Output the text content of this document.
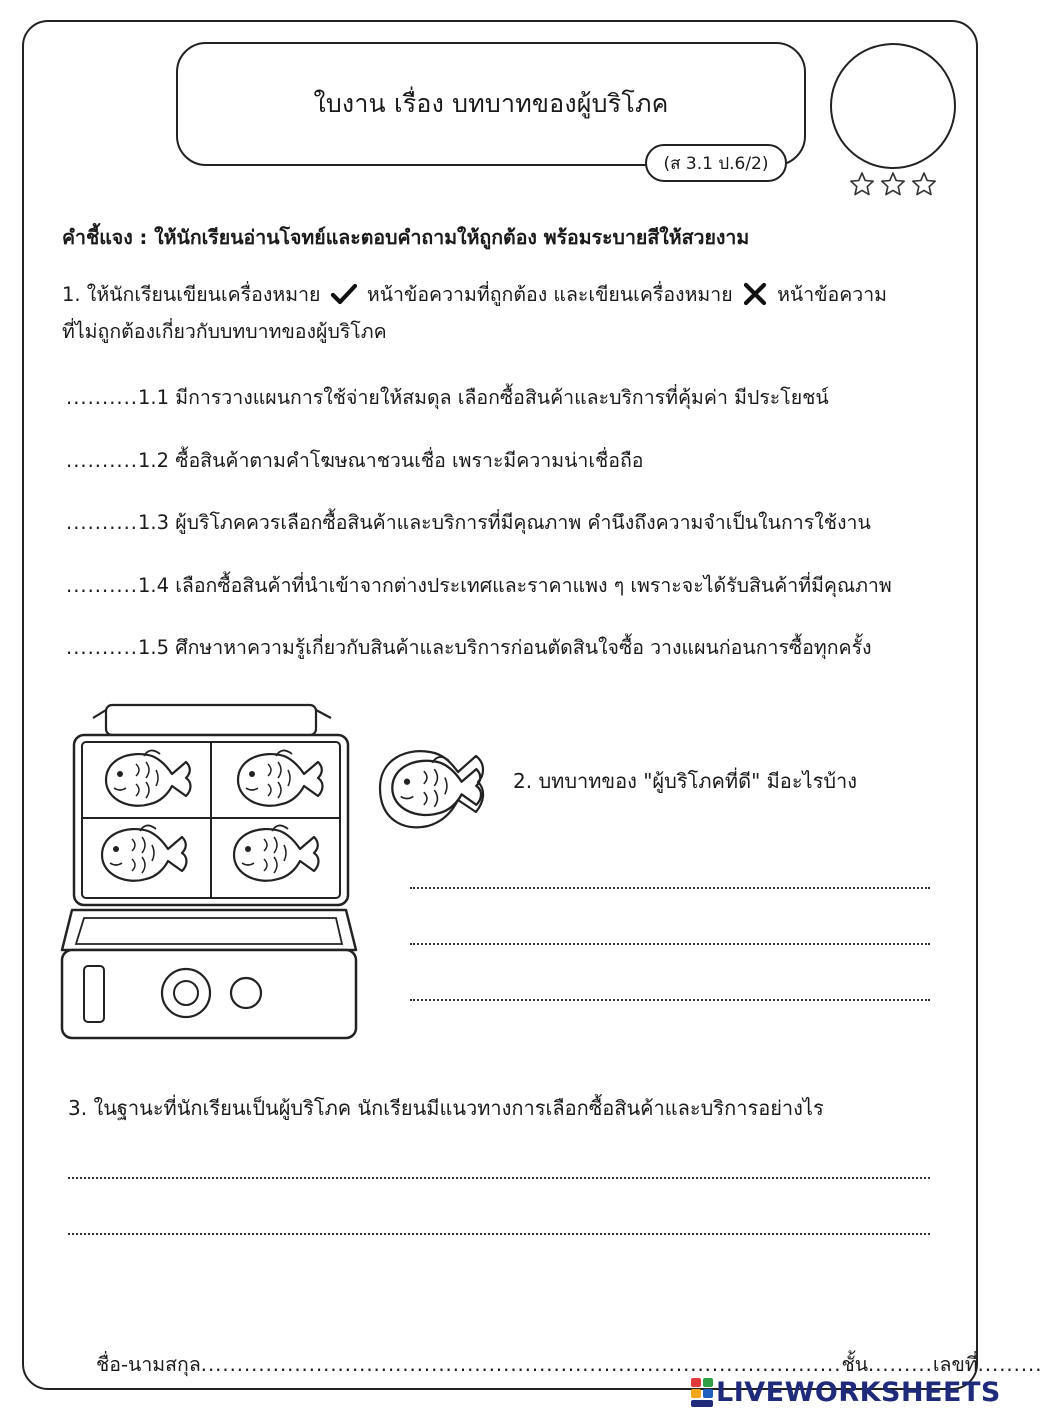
ใบงาน เรื่อง บทบาทของผู้บริโภค
(ส 3.1 ป.6/2)
คำชี้แจง : ให้นักเรียนอ่านโจทย์และตอบคำถามให้ถูกต้อง พร้อมระบายสีให้สวยงาม
1. ให้นักเรียนเขียนเครื่องหมาย หน้าข้อความที่ถูกต้อง และเขียนเครื่องหมาย หน้าข้อความ
ที่ไม่ถูกต้องเกี่ยวกับบทบาทของผู้บริโภค
..........1.1 มีการวางแผนการใช้จ่ายให้สมดุล เลือกซื้อสินค้าและบริการที่คุ้มค่า มีประโยชน์
..........1.2 ซื้อสินค้าตามคำโฆษณาชวนเชื่อ เพราะมีความน่าเชื่อถือ
..........1.3 ผู้บริโภคควรเลือกซื้อสินค้าและบริการที่มีคุณภาพ คำนึงถึงความจำเป็นในการใช้งาน
..........1.4 เลือกซื้อสินค้าที่นำเข้าจากต่างประเทศและราคาแพง ๆ เพราะจะได้รับสินค้าที่มีคุณภาพ
..........1.5 ศึกษาหาความรู้เกี่ยวกับสินค้าและบริการก่อนตัดสินใจซื้อ วางแผนก่อนการซื้อทุกครั้ง
2. บทบาทของ "ผู้บริโภคที่ดี" มีอะไรบ้าง
3. ในฐานะที่นักเรียนเป็นผู้บริโภค นักเรียนมีแนวทางการเลือกซื้อสินค้าและบริการอย่างไร
ชื่อ-นามสกุล.........................................................................................ชั้น.........เลขที่.........
LIVEWORKSHEETS
